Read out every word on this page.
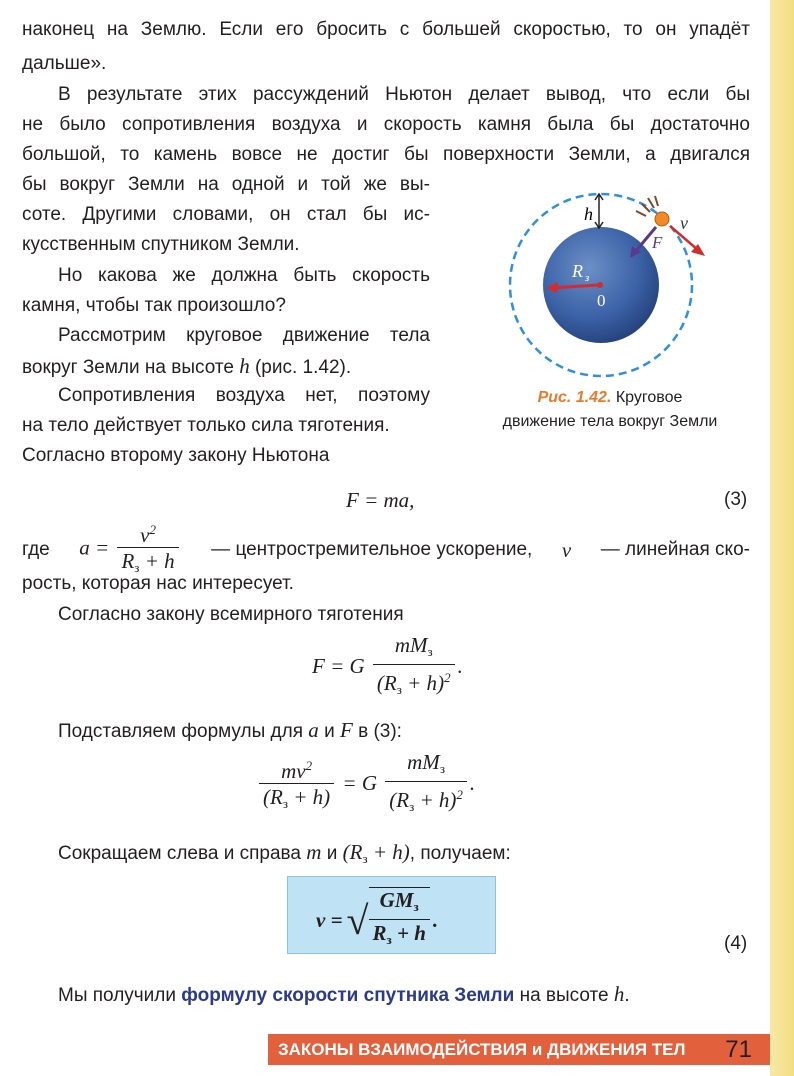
наконец на Землю. Если его бросить с большей скоростью, то он упадёт
дальше».
В результате этих рассуждений Ньютон делает вывод, что если бы
не было сопротивления воздуха и скорость камня была бы достаточно
большой, то камень вовсе не достиг бы поверхности Земли, а двигался
бы вокруг Земли на одной и той же вы-
соте. Другими словами, он стал бы ис-
кусственным спутником Земли.
Но какова же должна быть скорость
камня, чтобы так произошло?
Рассмотрим круговое движение тела
вокруг Земли на высоте h (рис. 1.42).
Сопротивления воздуха нет, поэтому
на тело действует только сила тяготения.
Согласно второму закону Ньютона
h	v
F
R з
0
Рис. 1.42. Круговое
движение тела вокруг Земли
F = ma,	(3)
где $a = \frac{v^2}{R_з + h}$ — центростремительное ускорение, v — линейная ско-
рость, которая нас интересует.
Согласно закону всемирного тяготения
F = G $\frac{mM_з}{(R_з + h)^2}$ .
Подставляем формулы для a и F в (3):
$\frac{mv^2}{(R_з + h)} = G \frac{mM_з}{(R_з + h)^2}$ .
Сокращаем слева и справа m и $(R_з + h)$, получаем:
v = √ $\frac{GM_з}{R_з + h}$ .
(4)
Мы получили формулу скорости спутника Земли на высоте h.
ЗАКОНЫ ВЗАИМОДЕЙСТВИЯ и ДВИЖЕНИЯ ТЕЛ 71
